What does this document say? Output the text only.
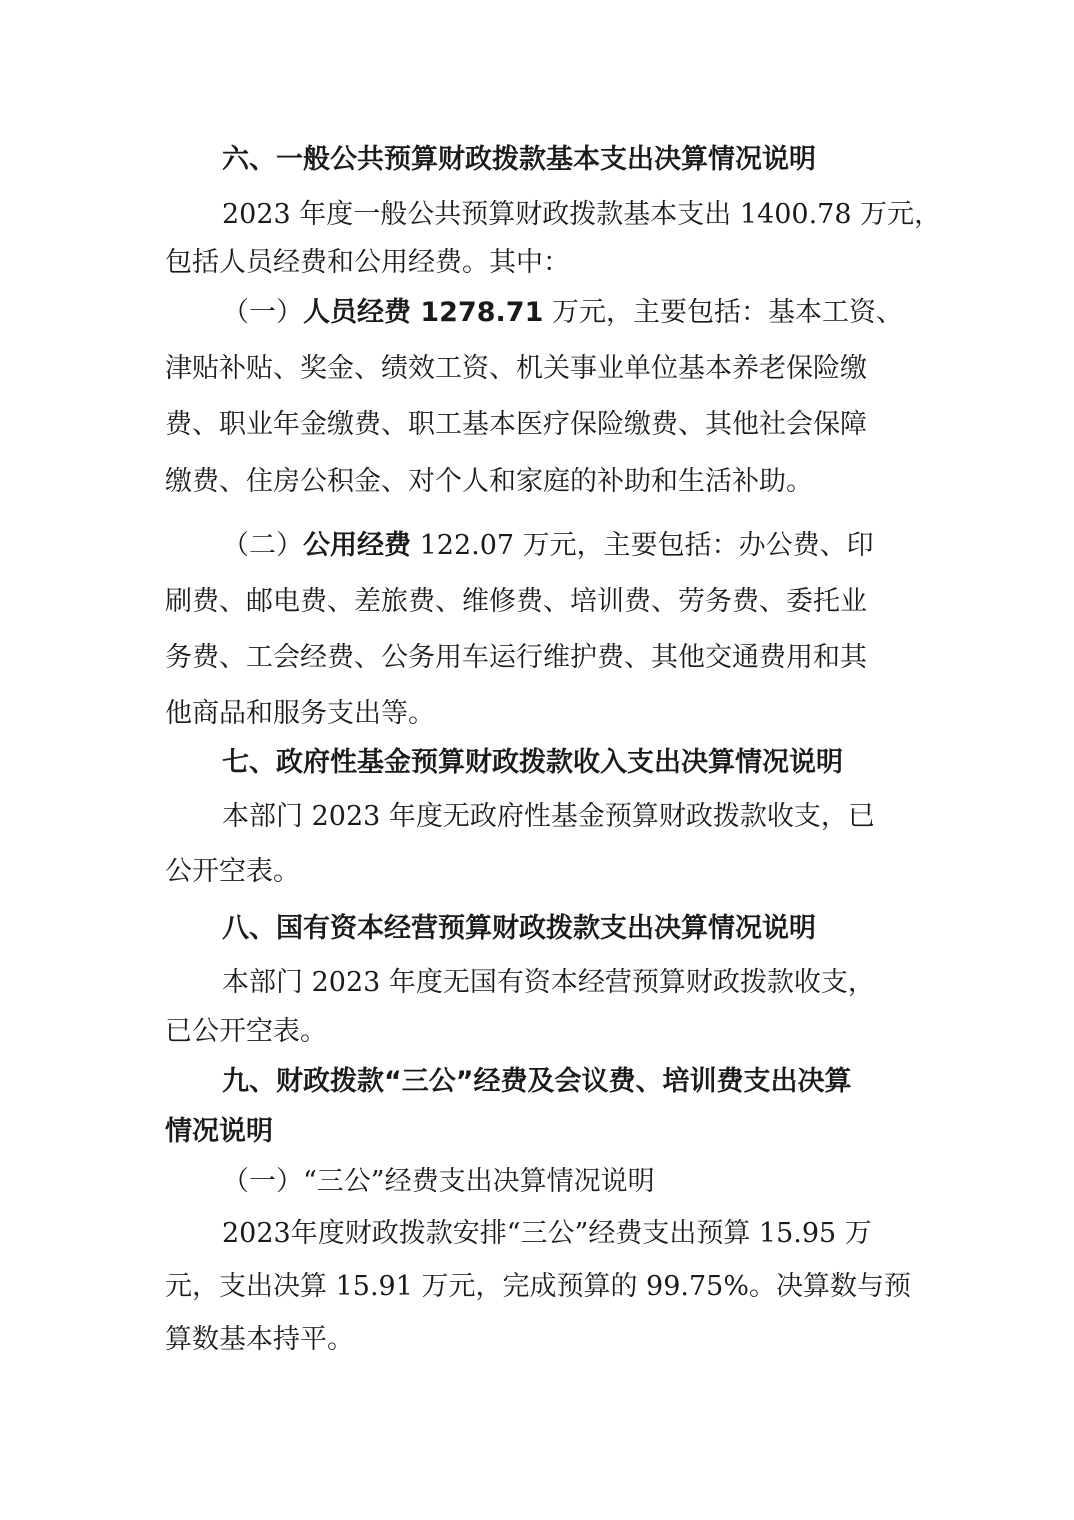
六、一般公共预算财政拨款基本支出决算情况说明
2023 年度一般公共预算财政拨款基本支出 1400.78 万元，
包括人员经费和公用经费。其中：
（一）人员经费 1278.71 万元，主要包括：基本工资、
津贴补贴、奖金、绩效工资、机关事业单位基本养老保险缴
费、职业年金缴费、职工基本医疗保险缴费、其他社会保障
缴费、住房公积金、对个人和家庭的补助和生活补助。
（二）公用经费 122.07 万元，主要包括：办公费、印
刷费、邮电费、差旅费、维修费、培训费、劳务费、委托业
务费、工会经费、公务用车运行维护费、其他交通费用和其
他商品和服务支出等。
七、政府性基金预算财政拨款收入支出决算情况说明
本部门 2023 年度无政府性基金预算财政拨款收支，已
公开空表。
八、国有资本经营预算财政拨款支出决算情况说明
本部门 2023 年度无国有资本经营预算财政拨款收支，
已公开空表。
九、财政拨款“三公”经费及会议费、培训费支出决算
情况说明
（一）“三公”经费支出决算情况说明
2023年度财政拨款安排“三公”经费支出预算 15.95 万
元，支出决算 15.91 万元，完成预算的 99.75%。决算数与预
算数基本持平。
